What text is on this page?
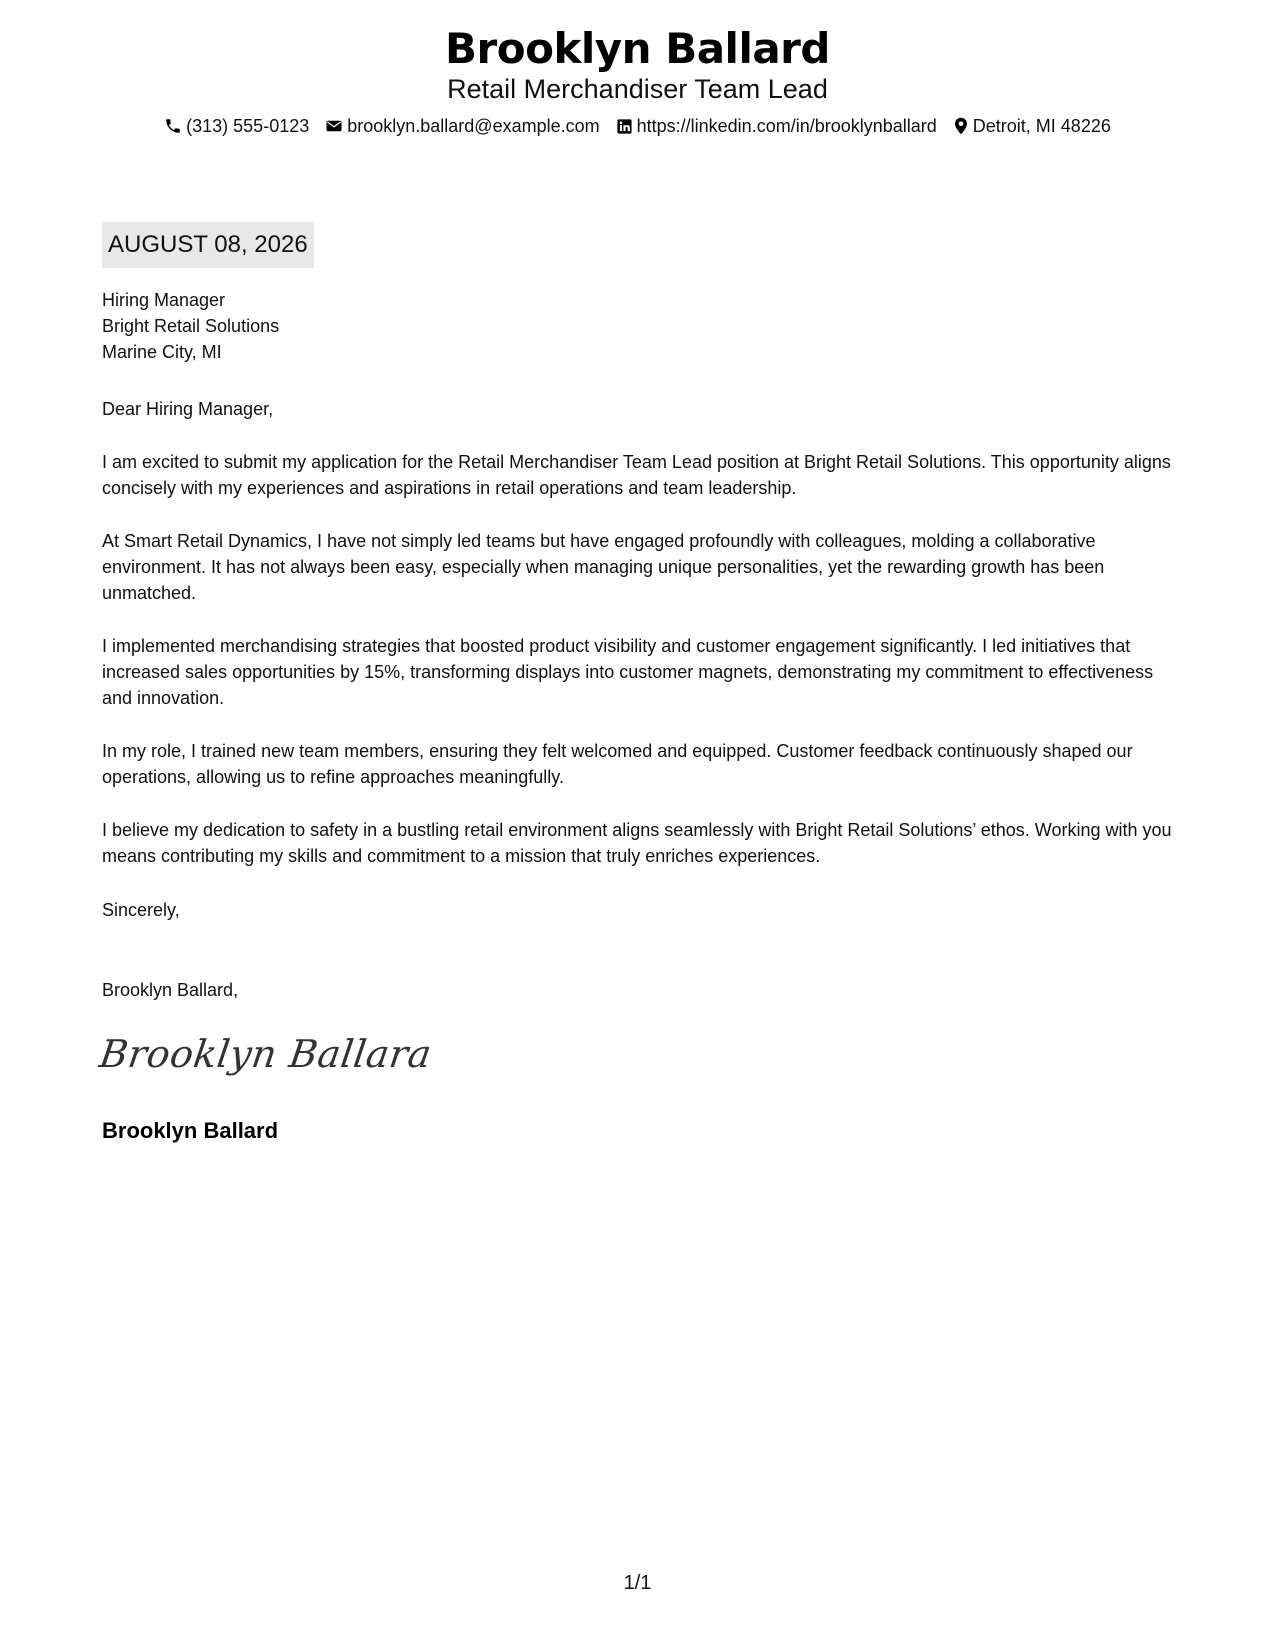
Brooklyn Ballard
Retail Merchandiser Team Lead
(313) 555-0123 brooklyn.ballard@example.com https://linkedin.com/in/brooklynballard Detroit, MI 48226
AUGUST 08, 2026
Hiring Manager
Bright Retail Solutions
Marine City, MI

Dear Hiring Manager,

I am excited to submit my application for the Retail Merchandiser Team Lead position at Bright Retail Solutions. This opportunity aligns concisely with my experiences and aspirations in retail operations and team leadership.

At Smart Retail Dynamics, I have not simply led teams but have engaged profoundly with colleagues, molding a collaborative environment. It has not always been easy, especially when managing unique personalities, yet the rewarding growth has been unmatched.

I implemented merchandising strategies that boosted product visibility and customer engagement significantly. I led initiatives that increased sales opportunities by 15%, transforming displays into customer magnets, demonstrating my commitment to effectiveness and innovation.

In my role, I trained new team members, ensuring they felt welcomed and equipped. Customer feedback continuously shaped our operations, allowing us to refine approaches meaningfully.

I believe my dedication to safety in a bustling retail environment aligns seamlessly with Bright Retail Solutions’ ethos. Working with you means contributing my skills and commitment to a mission that truly enriches experiences.

Sincerely,
Brooklyn Ballard,
Brooklyn Ballara
Brooklyn Ballard
1/1
